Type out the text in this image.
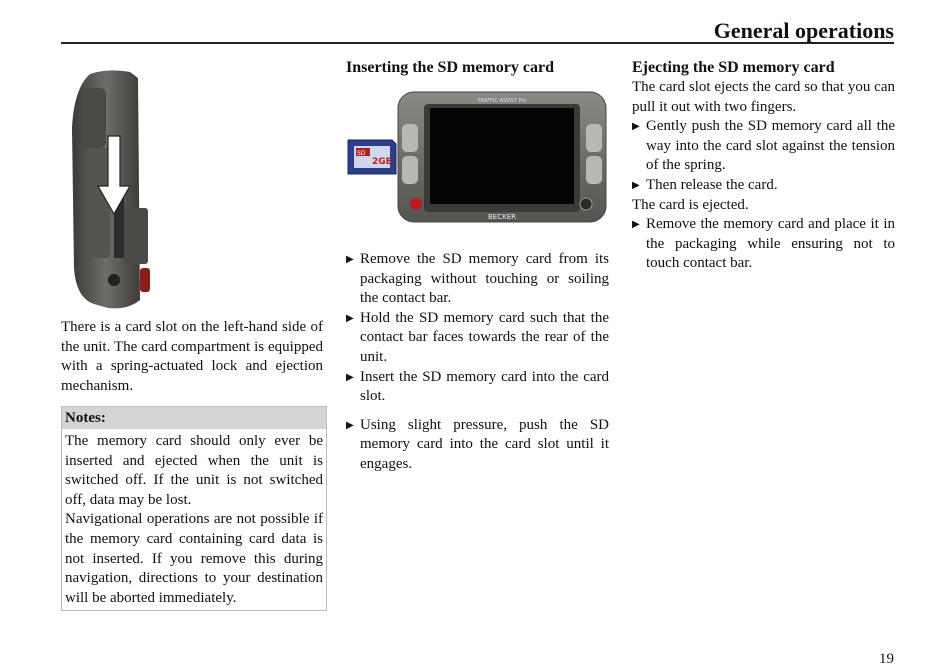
General operations

There is a card slot on the left-hand side of the unit. The card compartment is equipped with a spring-actuated lock and ejection mechanism.

Notes:

The memory card should only ever be inserted and ejected when the unit is switched off. If the unit is not switched off, data may be lost.

Navigational operations are not possible if the memory card containing card data is not inserted. If you remove this during navigation, directions to your destination will be aborted immediately.

Inserting the SD memory card
▶ Remove the SD memory card from its packaging without touching or soiling the contact bar.
▶ Hold the SD memory card such that the contact bar faces towards the rear of the unit.
▶ Insert the SD memory card into the card slot.
▶ Using slight pressure, push the SD memory card into the card slot until it engages.
2GB
SD
TRAFFIC ASSIST Pro
BECKER
Ejecting the SD memory card

The card slot ejects the card so that you can pull it out with two fingers.

▶ Gently push the SD memory card all the way into the card slot against the tension of the spring.
▶ Then release the card.

The card is ejected.

▶ Remove the memory card and place it in the packaging while ensuring not to touch contact bar.
19
